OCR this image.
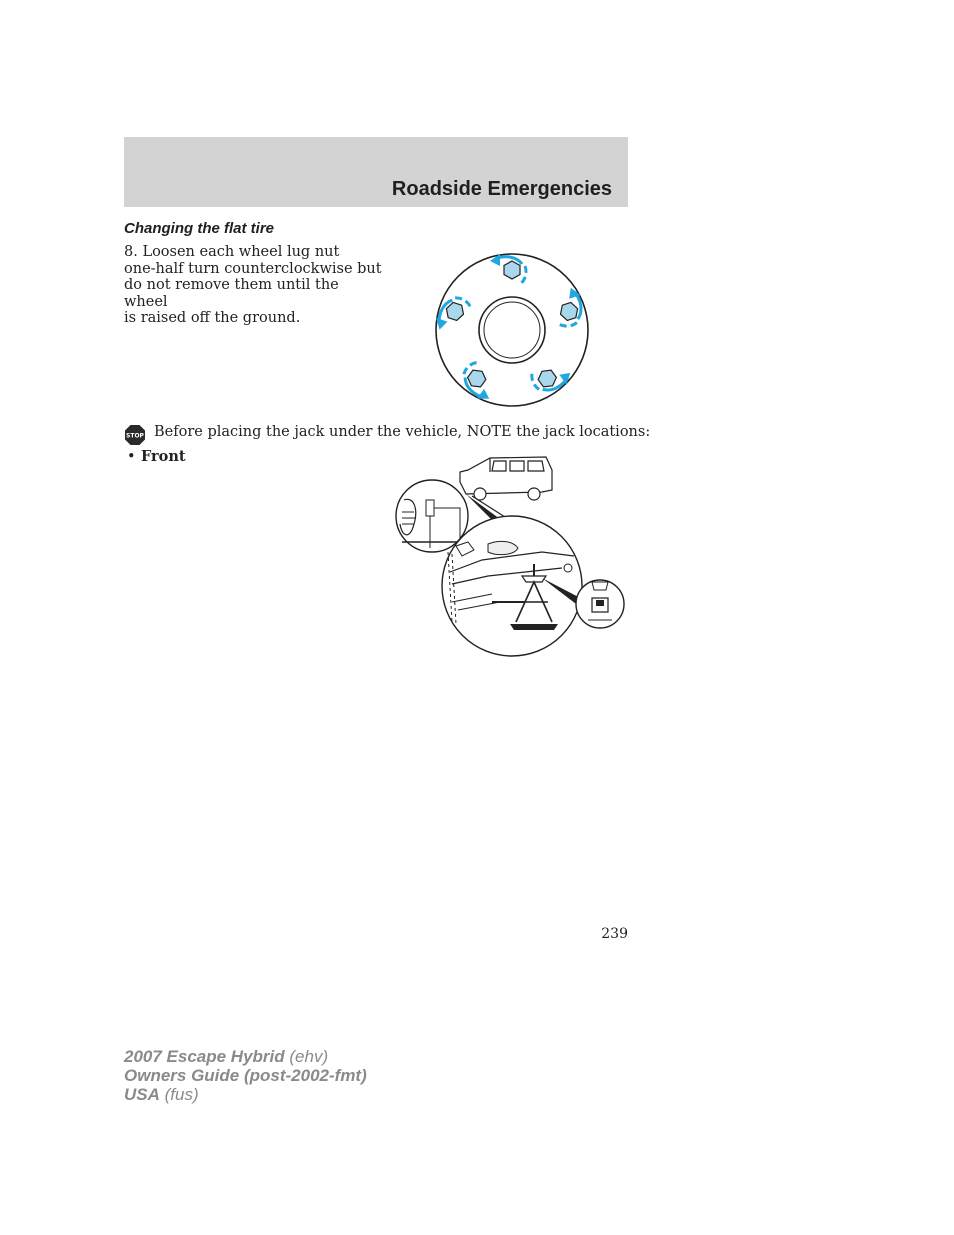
Roadside Emergencies
Changing the flat tire

8. Loosen each wheel lug nut
one-half turn counterclockwise but
do not remove them until the wheel
is raised off the ground.

STOP Before placing the jack under the vehicle, NOTE the jack locations:

• Front

239

2007 Escape Hybrid (ehv)
Owners Guide (post-2002-fmt)
USA (fus)
